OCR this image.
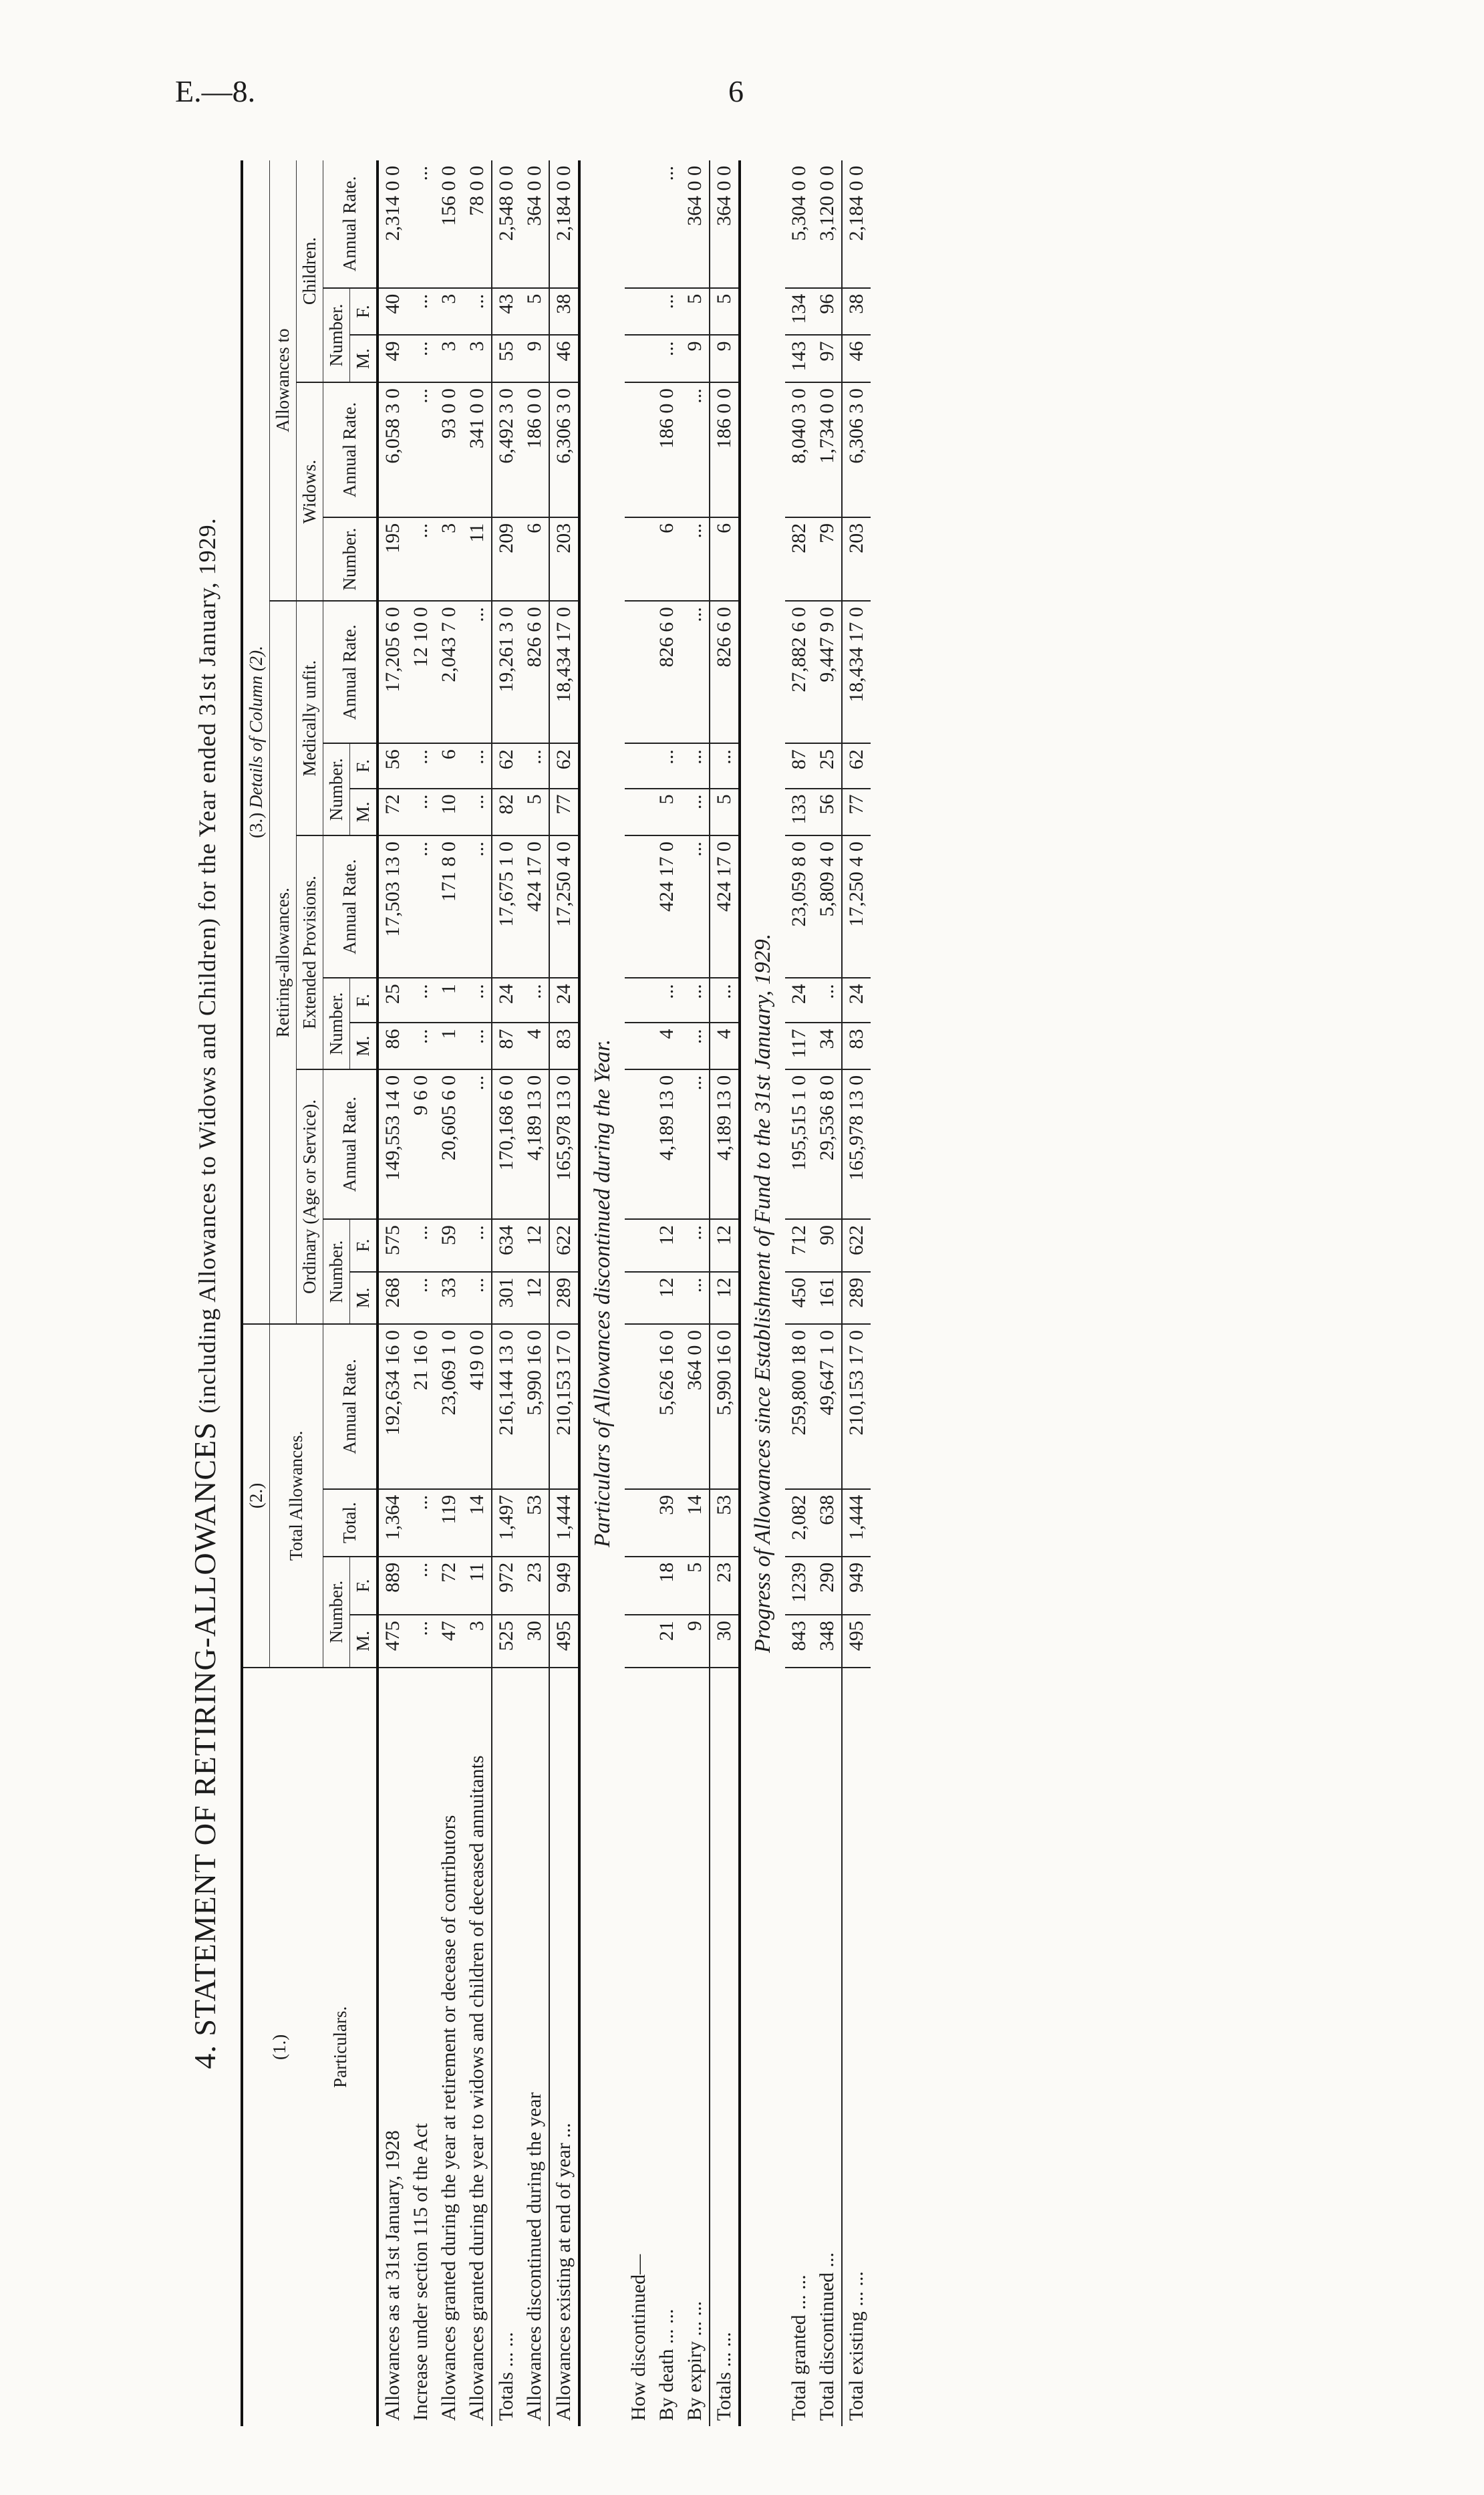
E.—8.	6
4. STATEMENT OF RETIRING-ALLOWANCES (including Allowances to Widows and Children) for the Year ended 31st January, 1929.
(1.) Particulars.	(2.)				(3.) Details of Column (2).													
	Total Allowances.				Retiring-allowances.									Allowances to				
					Ordinary (Age or Service).			Extended Provisions.			Medically unfit.			Widows.		Children.		
	Number.		Total.	Annual Rate.	Number.		Annual Rate.	Number.		Annual Rate.	Number.		Annual Rate.	Number.	Annual Rate.	Number.		Annual Rate.
	M.	F.			M.	F.		M.	F.		M.	F.				M.	F.	
Allowances as at 31st January, 1928	475	889	1,364	192,634 16 0	268	575	149,553 14 0	86	25	17,503 13 0	72	56	17,205 6 0	195	6,058 3 0	49	40	2,314 0 0
Increase under section 115 of the Act	...	...	...	21 16 0	...	...	9 6 0	...	...	...	...	...	12 10 0	...	...	...	...	...
Allowances granted during the year at retirement or decease of contributors	47	72	119	23,069 1 0	33	59	20,605 6 0	1	1	171 8 0	10	6	2,043 7 0	3	93 0 0	3	3	156 0 0
Allowances granted during the year to widows and children of deceased annuitants	3	11	14	419 0 0	...	...	...	...	...	...	...	...	...	11	341 0 0	3	...	78 0 0
Totals ... ...	525	972	1,497	216,144 13 0	301	634	170,168 6 0	87	24	17,675 1 0	82	62	19,261 3 0	209	6,492 3 0	55	43	2,548 0 0
Allowances discontinued during the year	30	23	53	5,990 16 0	12	12	4,189 13 0	4	...	424 17 0	5	...	826 6 0	6	186 0 0	9	5	364 0 0
Allowances existing at end of year ...	495	949	1,444	210,153 17 0	289	622	165,978 13 0	83	24	17,250 4 0	77	62	18,434 17 0	203	6,306 3 0	46	38	2,184 0 0
Particulars of Allowances discontinued during the Year.																		
How discontinued—																		
By death ... ...	21	18	39	5,626 16 0	12	12	4,189 13 0	4	...	424 17 0	5	...	826 6 0	6	186 0 0	...	...	...
By expiry ... ...	9	5	14	364 0 0	...	...	...	...	...	...	...	...	...	...	...	9	5	364 0 0
Totals ... ...	30	23	53	5,990 16 0	12	12	4,189 13 0	4	...	424 17 0	5	...	826 6 0	6	186 0 0	9	5	364 0 0
Progress of Allowances since Establishment of Fund to the 31st January, 1929.																		
Total granted ... ...	843	1239	2,082	259,800 18 0	450	712	195,515 1 0	117	24	23,059 8 0	133	87	27,882 6 0	282	8,040 3 0	143	134	5,304 0 0
Total discontinued ...	348	290	638	49,647 1 0	161	90	29,536 8 0	34	...	5,809 4 0	56	25	9,447 9 0	79	1,734 0 0	97	96	3,120 0 0
Total existing ... ...	495	949	1,444	210,153 17 0	289	622	165,978 13 0	83	24	17,250 4 0	77	62	18,434 17 0	203	6,306 3 0	46	38	2,184 0 0
